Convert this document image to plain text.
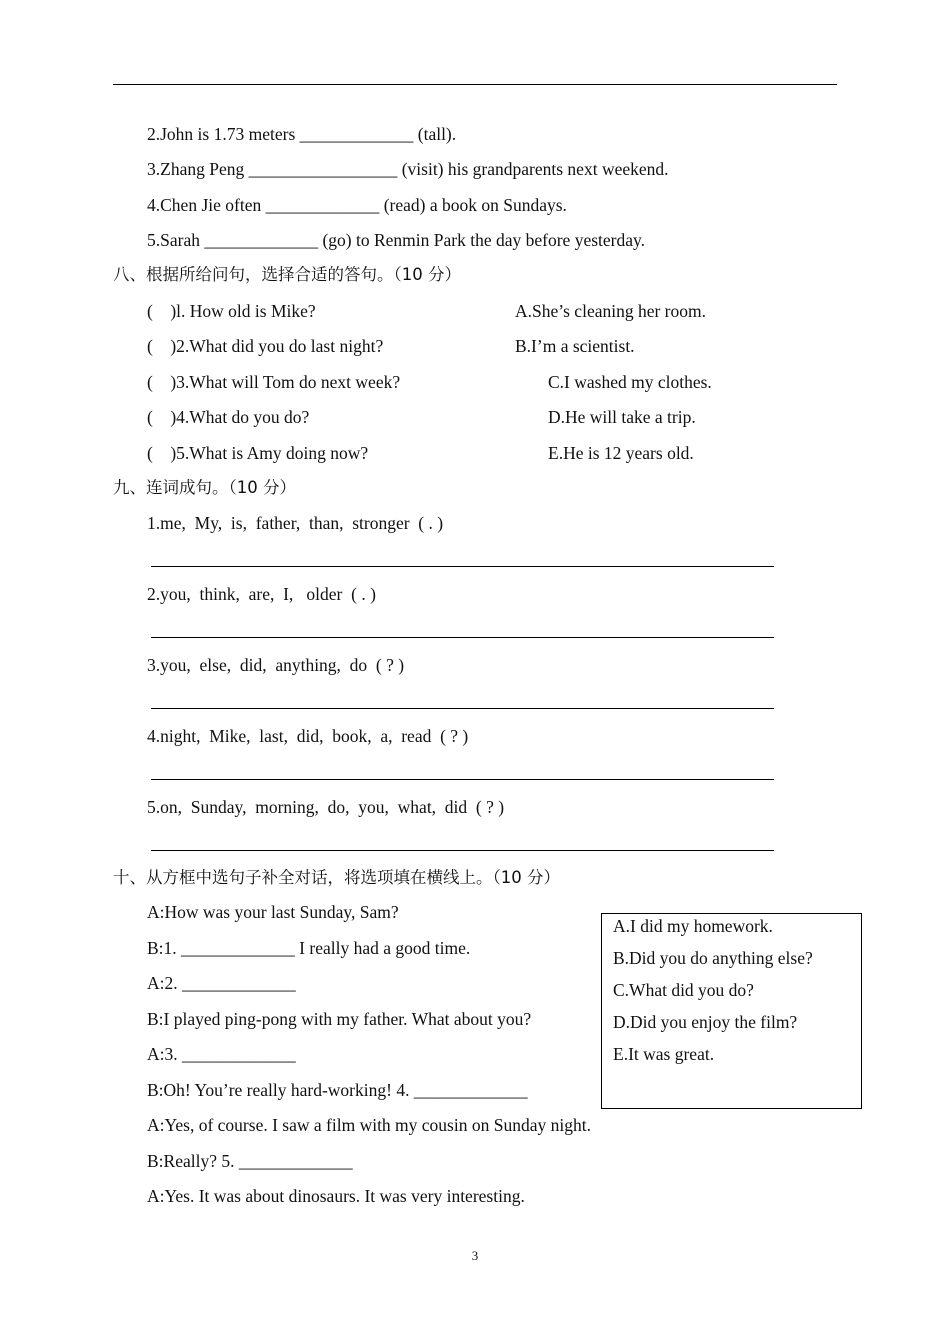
2.John is 1.73 meters _____________ (tall).
3.Zhang Peng _________________ (visit) his grandparents next weekend.
4.Chen Jie often _____________ (read) a book on Sundays.
5.Sarah _____________ (go) to Renmin Park the day before yesterday.
八、根据所给问句，选择合适的答句。（10 分）
(    )l. How old is Mike?
(    )2.What did you do last night?
(    )3.What will Tom do next week?
(    )4.What do you do?
(    )5.What is Amy doing now?
A.She’s cleaning her room.
B.I’m a scientist.
C.I washed my clothes.
D.He will take a trip.
E.He is 12 years old.
九、连词成句。（10 分）
1.me,  My,  is,  father,  than,  stronger  ( . )
2.you,  think,  are,  I,   older  ( . )
3.you,  else,  did,  anything,  do  ( ? )
4.night,  Mike,  last,  did,  book,  a,  read  ( ? )
5.on,  Sunday,  morning,  do,  you,  what,  did  ( ? )
十、从方框中选句子补全对话，将选项填在横线上。（10 分）
A:How was your last Sunday, Sam?
B:1. _____________ I really had a good time.
A:2. _____________
B:I played ping-pong with my father. What about you?
A:3. _____________
B:Oh! You’re really hard-working! 4. _____________
A:Yes, of course. I saw a film with my cousin on Sunday night.
B:Really? 5. _____________
A:Yes. It was about dinosaurs. It was very interesting.
A.I did my homework.
B.Did you do anything else?
C.What did you do?
D.Did you enjoy the film?
E.It was great.
3
